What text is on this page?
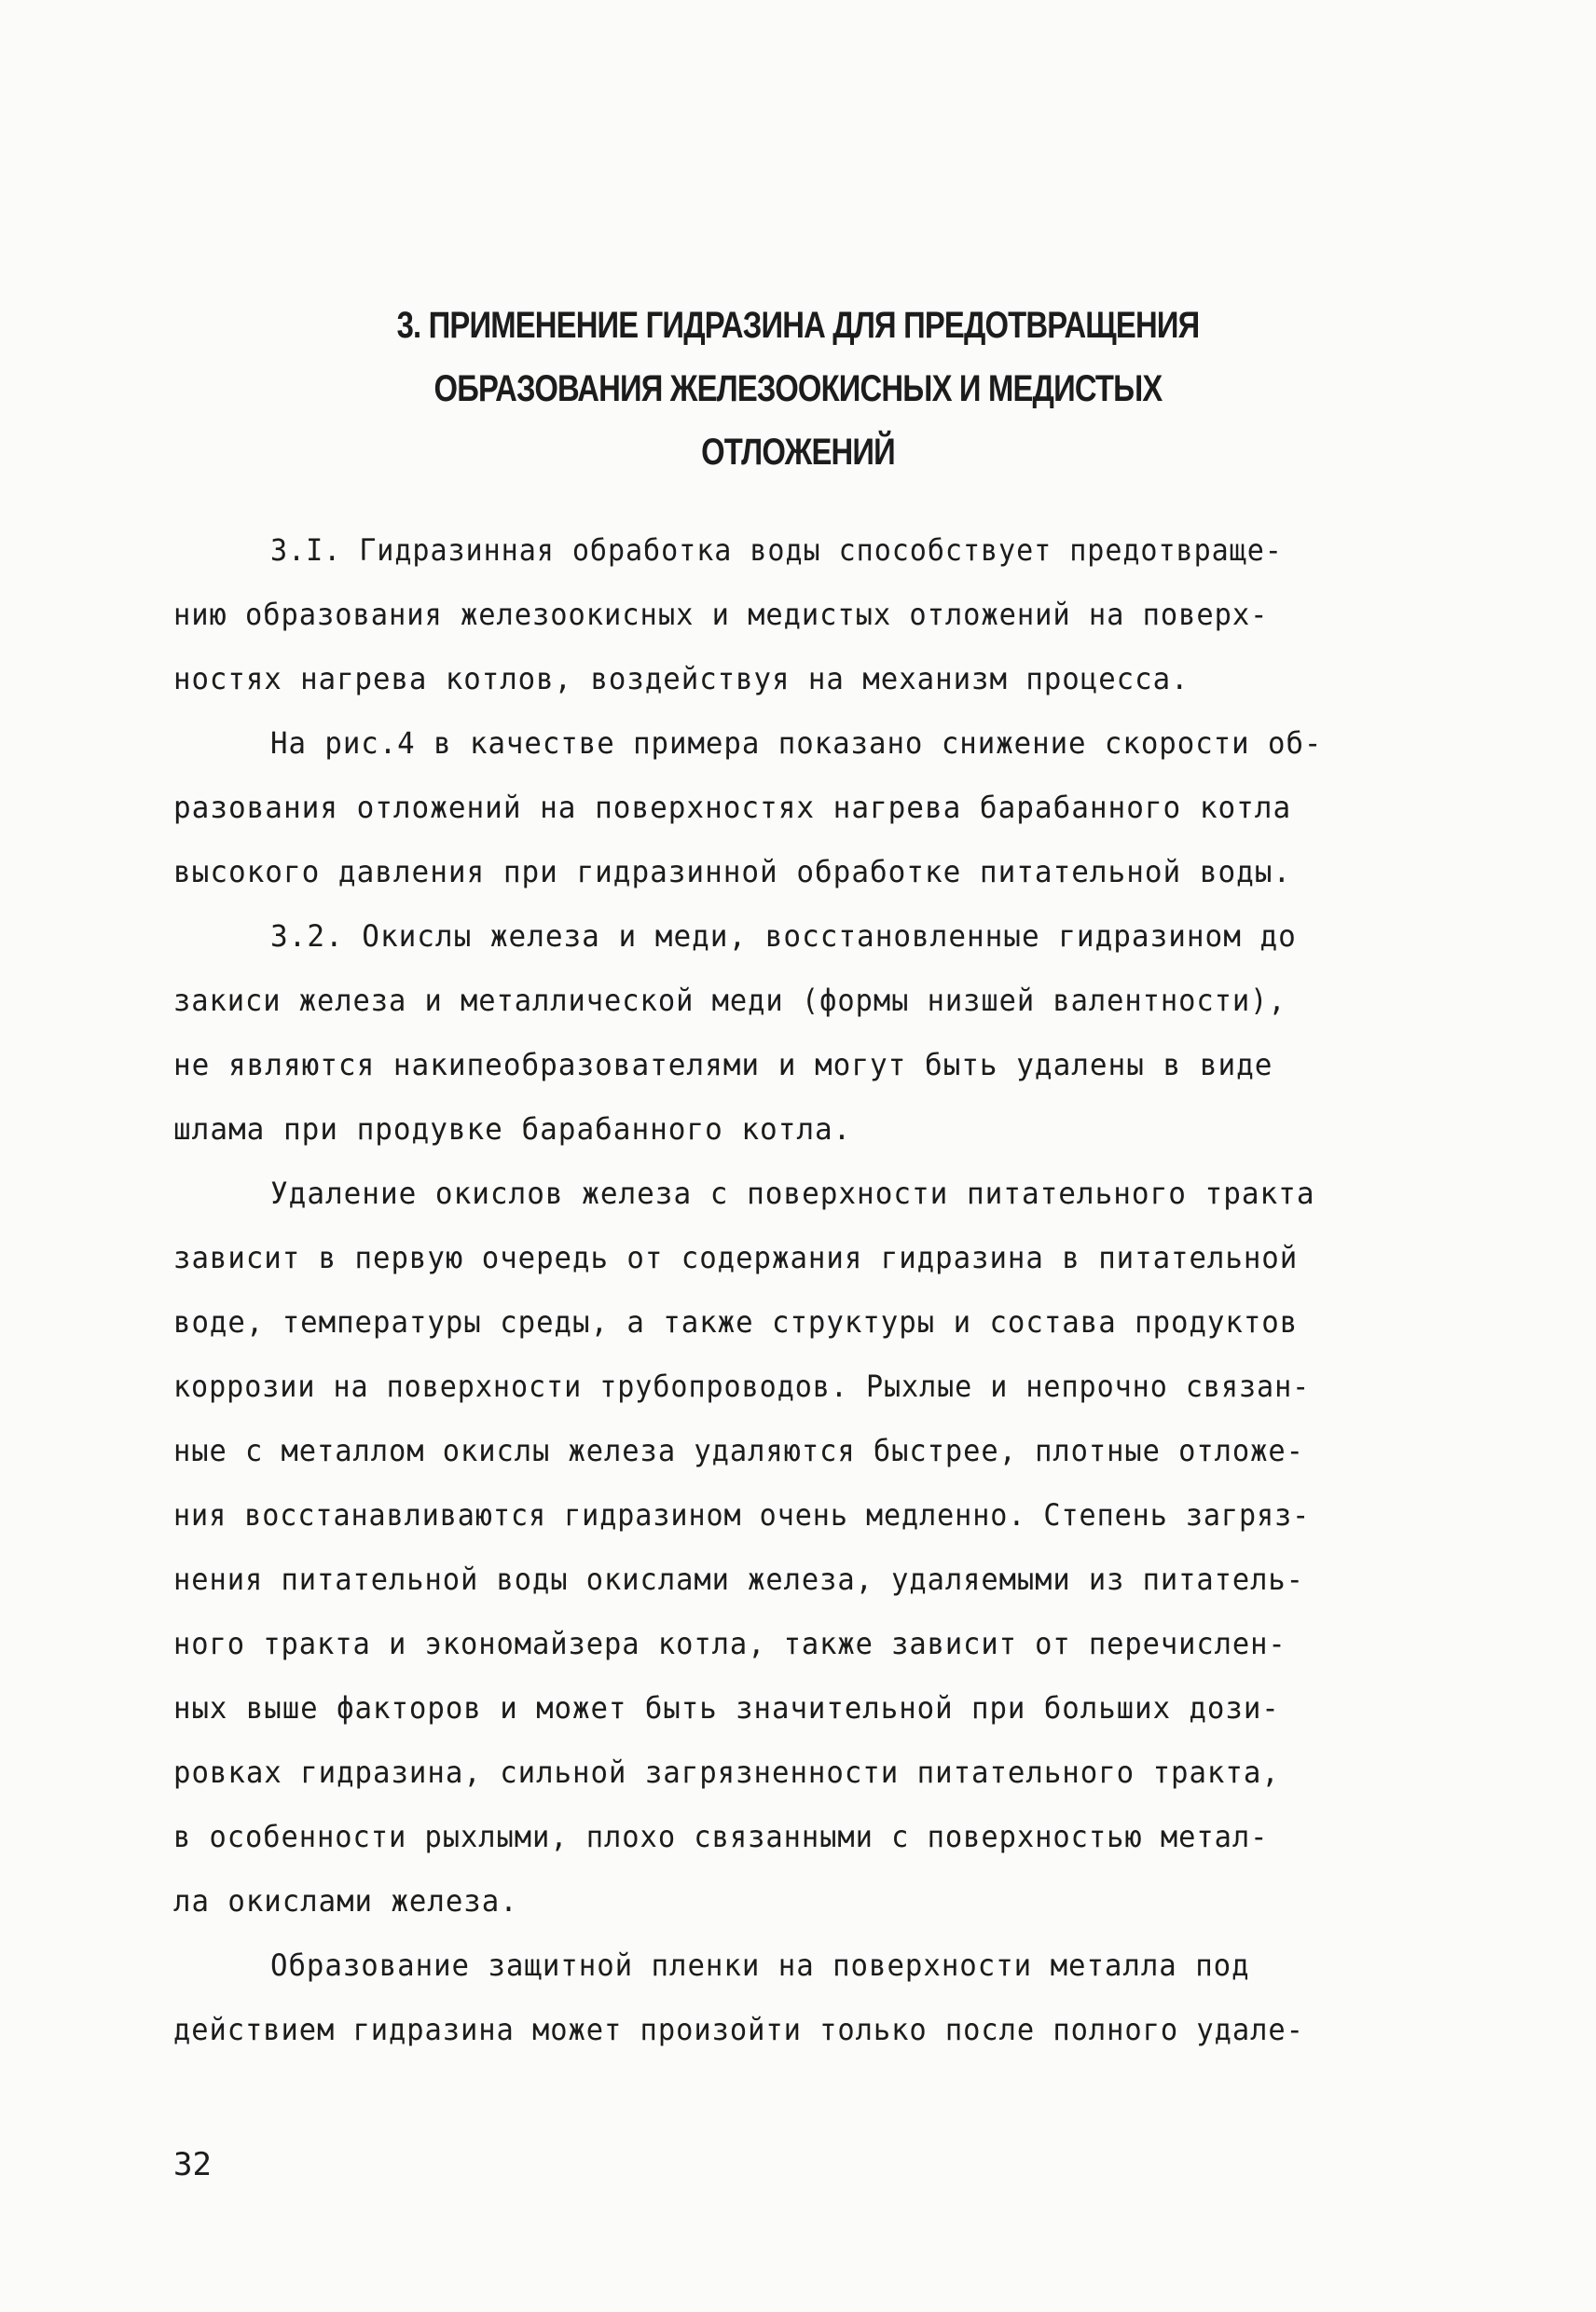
3. ПРИМЕНЕНИЕ ГИДРАЗИНА ДЛЯ ПРЕДОТВРАЩЕНИЯ
ОБРАЗОВАНИЯ ЖЕЛЕЗООКИСНЫХ И МЕДИСТЫХ
ОТЛОЖЕНИЙ
3.I. Гидразинная обработка воды способствует предотвраще-
нию образования железоокисных и медистых отложений на поверх-
ностях нагрева котлов, воздействуя на механизм процесса.
На рис.4 в качестве примера показано снижение скорости об-
разования отложений на поверхностях нагрева барабанного котла
высокого давления при гидразинной обработке питательной воды.
3.2. Окислы железа и меди, восстановленные гидразином до
закиси железа и металлической меди (формы низшей валентности),
не являются накипеобразователями и могут быть удалены в виде
шлама при продувке барабанного котла.
Удаление окислов железа с поверхности питательного тракта
зависит в первую очередь от содержания гидразина в питательной
воде, температуры среды, а также структуры и состава продуктов
коррозии на поверхности трубопроводов. Рыхлые и непрочно связан-
ные с металлом окислы железа удаляются быстрее, плотные отложе-
ния восстанавливаются гидразином очень медленно. Степень загряз-
нения питательной воды окислами железа, удаляемыми из питатель-
ного тракта и экономайзера котла, также зависит от перечислен-
ных выше факторов и может быть значительной при больших дози-
ровках гидразина, сильной загрязненности питательного тракта,
в особенности рыхлыми, плохо связанными с поверхностью метал-
ла окислами железа.
Образование защитной пленки на поверхности металла под
действием гидразина может произойти только после полного удале-
32
